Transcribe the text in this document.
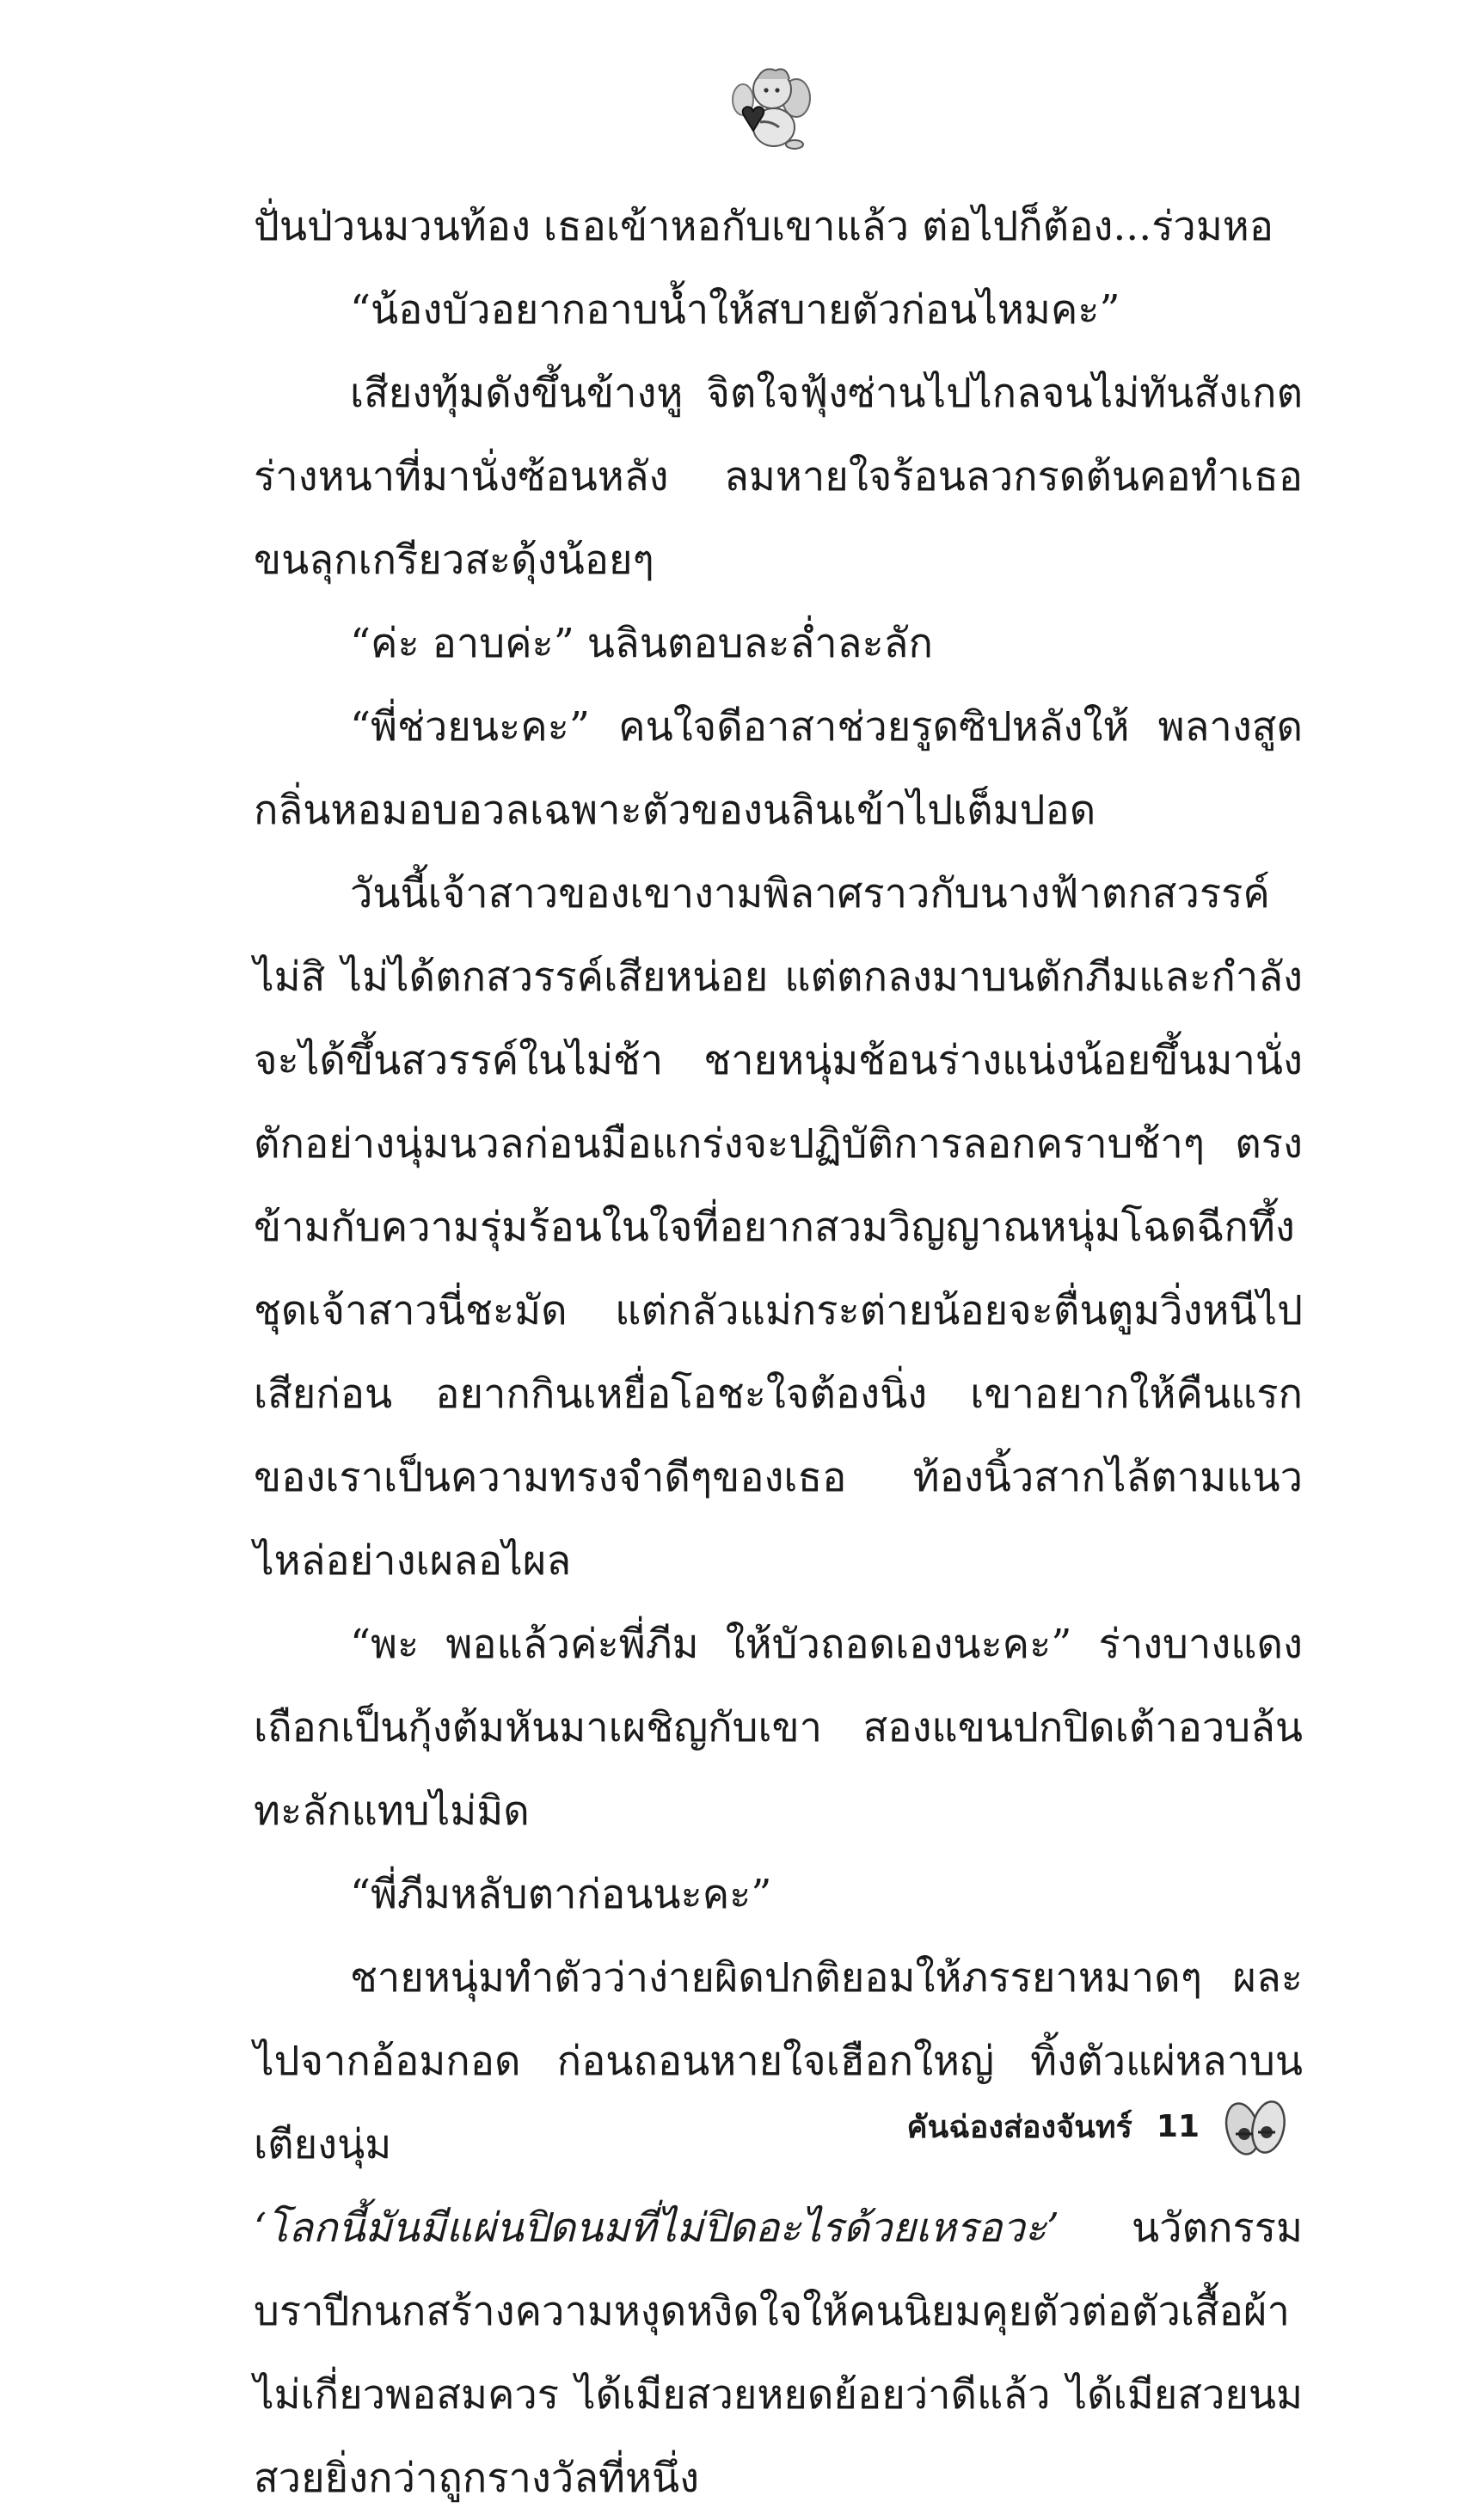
ปั่นป่วนมวนท้อง เธอเข้าหอกับเขาแล้ว ต่อไปก็ต้อง...ร่วมหอ

“น้องบัวอยากอาบน้ำให้สบายตัวก่อนไหมคะ”

เสียงทุ้มดังขึ้นข้างหู จิตใจฟุ้งซ่านไปไกลจนไม่ทันสังเกต ร่างหนาที่มานั่งซ้อนหลัง ลมหายใจร้อนลวกรดต้นคอทำเธอขนลุกเกรียวสะดุ้งน้อยๆ

“ค่ะ อาบค่ะ” นลินตอบละล่ำละลัก

“พี่ช่วยนะคะ” คนใจดีอาสาช่วยรูดซิปหลังให้ พลางสูดกลิ่นหอมอบอวลเฉพาะตัวของนลินเข้าไปเต็มปอด

วันนี้เจ้าสาวของเขางามพิลาศราวกับนางฟ้าตกสวรรค์ ไม่สิ ไม่ได้ตกสวรรค์เสียหน่อย แต่ตกลงมาบนตักภีมและกำลังจะได้ขึ้นสวรรค์ในไม่ช้า ชายหนุ่มช้อนร่างแน่งน้อยขึ้นมานั่งตักอย่างนุ่มนวลก่อนมือแกร่งจะปฏิบัติการลอกคราบช้าๆ ตรงข้ามกับความรุ่มร้อนในใจที่อยากสวมวิญญาณหนุ่มโฉดฉีกทึ้งชุดเจ้าสาวนี่ชะมัด แต่กลัวแม่กระต่ายน้อยจะตื่นตูมวิ่งหนีไปเสียก่อน อยากกินเหยื่อโอชะใจต้องนิ่ง เขาอยากให้คืนแรกของเราเป็นความทรงจำดีๆของเธอ ท้องนิ้วสากไล้ตามแนวไหล่อย่างเผลอไผล

“พะ พอแล้วค่ะพี่ภีม ให้บัวถอดเองนะคะ” ร่างบางแดงเถือกเป็นกุ้งต้มหันมาเผชิญกับเขา สองแขนปกปิดเต้าอวบล้นทะลักแทบไม่มิด

“พี่ภีมหลับตาก่อนนะคะ”

ชายหนุ่มทำตัวว่าง่ายผิดปกติยอมให้ภรรยาหมาดๆ ผละไปจากอ้อมกอด ก่อนถอนหายใจเฮือกใหญ่ ทิ้งตัวแผ่หลาบนเตียงนุ่ม

‘โลกนี้มันมีแผ่นปิดนมที่ไม่ปิดอะไรด้วยเหรอวะ’ นวัตกรรมบราปีกนกสร้างความหงุดหงิดใจให้คนนิยมคุยตัวต่อตัวเสื้อผ้าไม่เกี่ยวพอสมควร ได้เมียสวยหยดย้อยว่าดีแล้ว ได้เมียสวยนมสวยยิ่งกว่าถูกรางวัลที่หนึ่ง

คันฉ่องส่องจันทร์ 11
